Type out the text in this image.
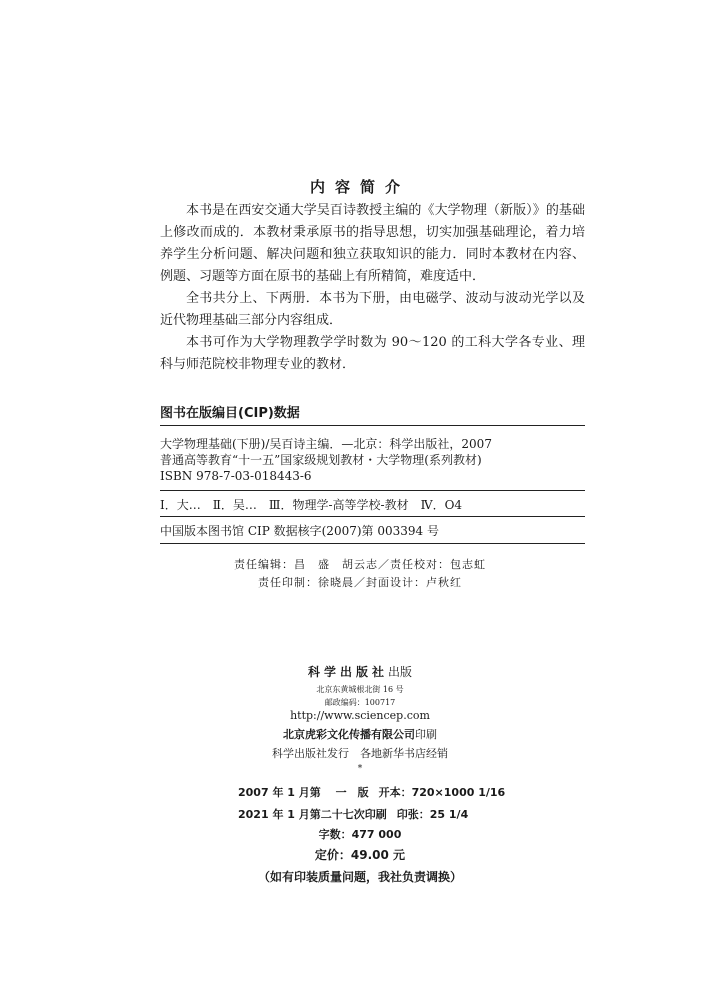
内容简介

本书是在西安交通大学吴百诗教授主编的《大学物理（新版）》的基础上修改而成的．本教材秉承原书的指导思想，切实加强基础理论，着力培养学生分析问题、解决问题和独立获取知识的能力．同时本教材在内容、例题、习题等方面在原书的基础上有所精简，难度适中．

全书共分上、下两册．本书为下册，由电磁学、波动与波动光学以及近代物理基础三部分内容组成．

本书可作为大学物理教学学时数为 90～120 的工科大学各专业、理科与师范院校非物理专业的教材．

图书在版编目(CIP)数据
大学物理基础(下册)/吴百诗主编．—北京：科学出版社，2007
普通高等教育“十一五”国家级规划教材・大学物理(系列教材)
ISBN 978-7-03-018443-6
Ⅰ．大…　Ⅱ．吴…　Ⅲ．物理学-高等学校-教材　Ⅳ．O4
中国版本图书馆 CIP 数据核字(2007)第 003394 号
责任编辑：昌　盛　胡云志／责任校对：包志虹
责任印制：徐晓晨／封面设计：卢秋红
科学出版社出版
北京东黄城根北街 16 号
邮政编码：100717
http://www.sciencep.com
北京虎彩文化传播有限公司印刷
科学出版社发行　各地新华书店经销
*
2007 年 1 月第　 一　版 开本：720×1000 1/16
2021 年 1 月第二十七次印刷 印张：25 1/4
字数：477 000
定价：49.00 元
（如有印装质量问题，我社负责调换）
